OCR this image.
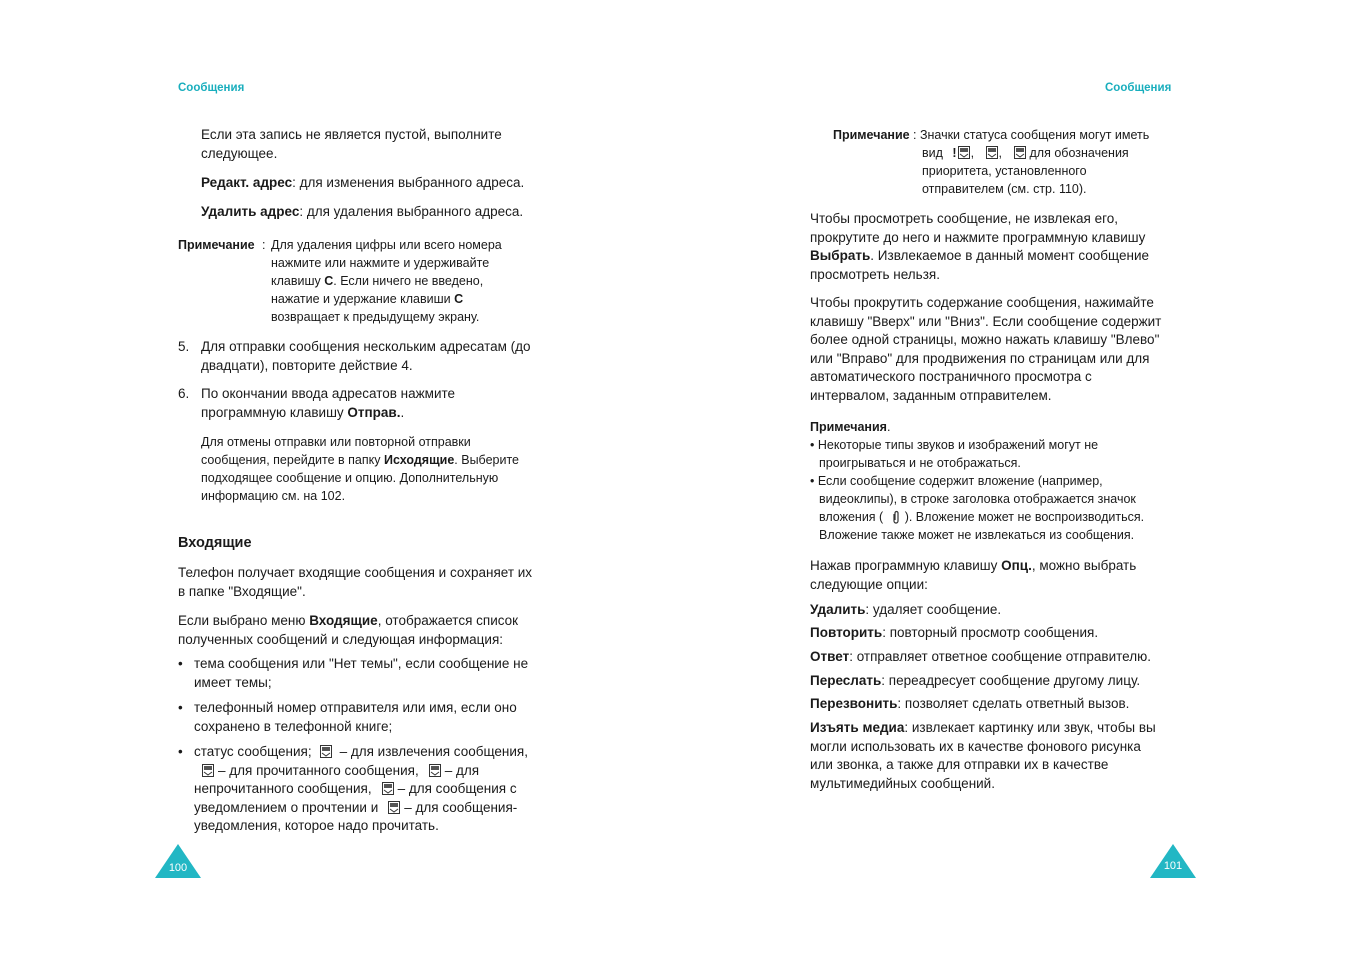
Сообщения
Если эта запись не является пустой, выполните
следующее.
Редакт. адрес: для изменения выбранного адреса.
Удалить адрес: для удаления выбранного адреса.
Примечание : Для удаления цифры или всего номера
нажмите или нажмите и удерживайте
клавишу C. Если ничего не введено,
нажатие и удержание клавиши C
возвращает к предыдущему экрану.
5. Для отправки сообщения нескольким адресатам (до
двадцати), повторите действие 4.
6. По окончании ввода адресатов нажмите
программную клавишу Отправ..
Для отмены отправки или повторной отправки
сообщения, перейдите в папку Исходящие. Выберите
подходящее сообщение и опцию. Дополнительную
информацию см. на 102.
Входящие
Телефон получает входящие сообщения и сохраняет их
в папке "Входящие".
Если выбрано меню Входящие, отображается список
полученных сообщений и следующая информация:
• тема сообщения или "Нет темы", если сообщение не
имеет темы;
• телефонный номер отправителя или имя, если оно
сохранено в телефонной книге;
• статус сообщения; – для извлечения сообщения,
– для прочитанного сообщения, – для
непрочитанного сообщения, – для сообщения с
уведомлением о прочтении и – для сообщения-
уведомления, которое надо прочитать.
100
Сообщения
Примечание : Значки статуса сообщения могут иметь
вид ! , , для обозначения
приоритета, установленного
отправителем (см. стр. 110).
Чтобы просмотреть сообщение, не извлекая его,
прокрутите до него и нажмите программную клавишу
Выбрать. Извлекаемое в данный момент сообщение
просмотреть нельзя.
Чтобы прокрутить содержание сообщения, нажимайте
клавишу "Вверх" или "Вниз". Если сообщение содержит
более одной страницы, можно нажать клавишу "Влево"
или "Вправо" для продвижения по страницам или для
автоматического постраничного просмотра с
интервалом, заданным отправителем.
Примечания.
• Некоторые типы звуков и изображений могут не
проигрываться и не отображаться.
• Если сообщение содержит вложение (например,
видеоклипы), в строке заголовка отображается значок
вложения ( ). Вложение может не воспроизводиться.
Вложение также может не извлекаться из сообщения.
Нажав программную клавишу Опц., можно выбрать
следующие опции:
Удалить: удаляет сообщение.
Повторить: повторный просмотр сообщения.
Ответ: отправляет ответное сообщение отправителю.
Переслать: переадресует сообщение другому лицу.
Перезвонить: позволяет сделать ответный вызов.
Изъять медиа: извлекает картинку или звук, чтобы вы
могли использовать их в качестве фонового рисунка
или звонка, а также для отправки их в качестве
мультимедийных сообщений.
101
